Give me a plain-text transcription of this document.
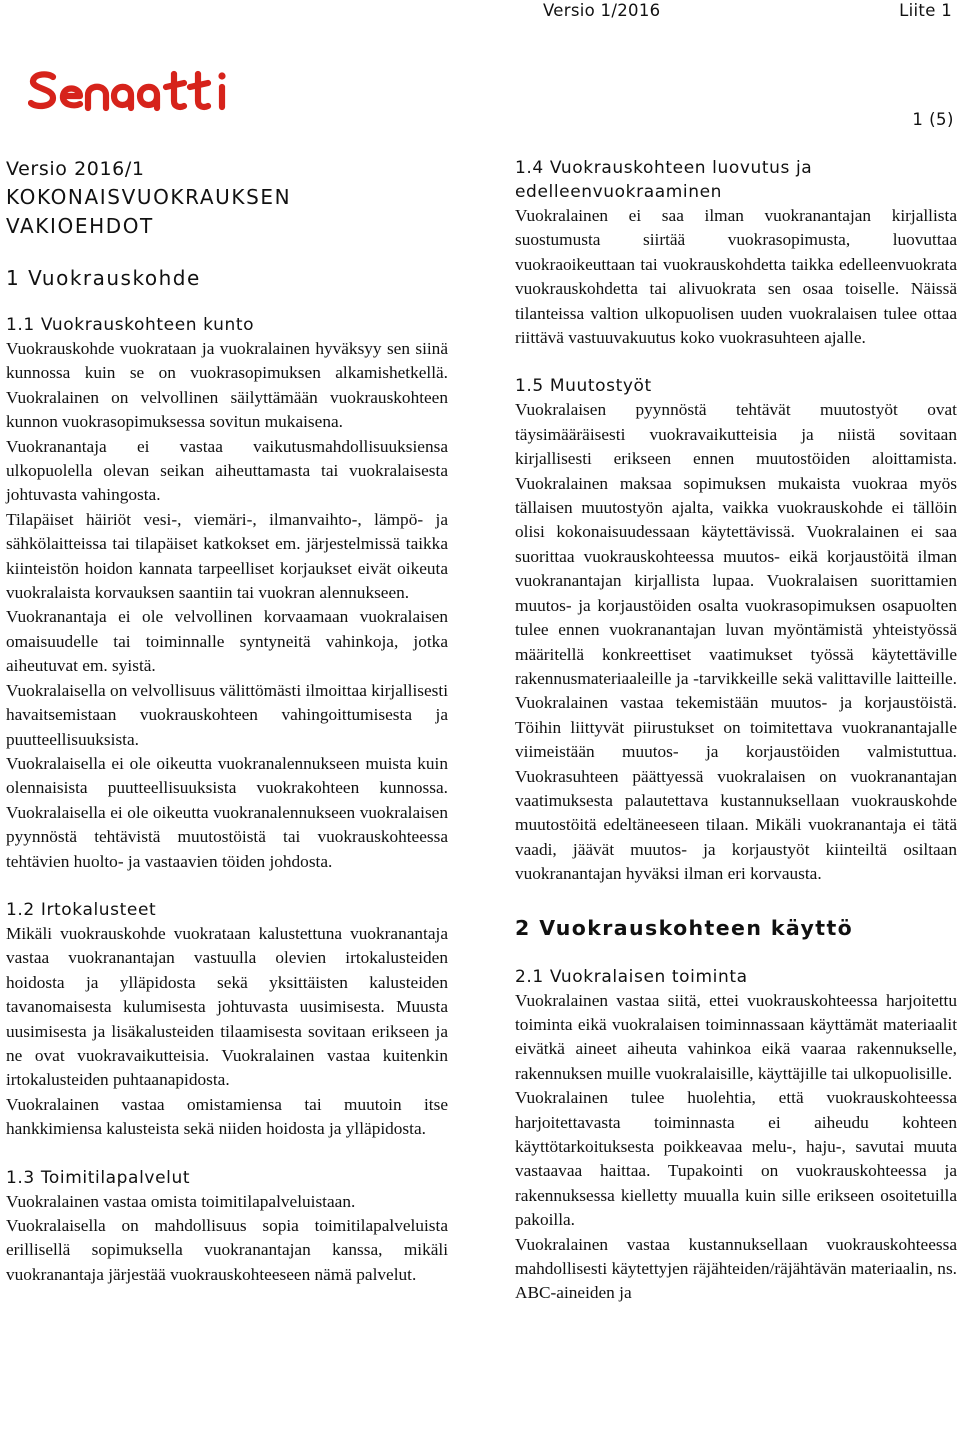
Versio 1/2016	Liite 1
1 (5)
Versio 2016/1
KOKONAISVUOKRAUKSEN
VAKIOEHDOT
1 Vuokrauskohde
1.1 Vuokrauskohteen kunto

Vuokrauskohde vuokrataan ja vuokralainen hyväksyy sen siinä kunnossa kuin se on vuokrasopimuksen alkamishetkellä. Vuokralainen on velvollinen säilyttämään vuokrauskohteen kunnon vuokrasopimuksessa sovitun mukaisena.

Vuokranantaja ei vastaa vaikutusmahdollisuuksiensa ulkopuolella olevan seikan aiheuttamasta tai vuokralaisesta johtuvasta vahingosta.

Tilapäiset häiriöt vesi-, viemäri-, ilmanvaihto-, lämpö- ja sähkölaitteissa tai tilapäiset katkokset em. järjestelmissä taikka kiinteistön hoidon kannata tarpeelliset korjaukset eivät oikeuta vuokralaista korvauksen saantiin tai vuokran alennukseen.

Vuokranantaja ei ole velvollinen korvaamaan vuokralaisen omaisuudelle tai toiminnalle syntyneitä vahinkoja, jotka aiheutuvat em. syistä.

Vuokralaisella on velvollisuus välittömästi ilmoittaa kirjallisesti havaitsemistaan vuokrauskohteen vahingoittumisesta ja puutteellisuuksista.

Vuokralaisella ei ole oikeutta vuokranalennukseen muista kuin olennaisista puutteellisuuksista vuokrakohteen kunnossa. Vuokralaisella ei ole oikeutta vuokranalennukseen vuokralaisen pyynnöstä tehtävistä muutostöistä tai vuokrauskohteessa tehtävien huolto- ja vastaavien töiden johdosta.

1.2 Irtokalusteet

Mikäli vuokrauskohde vuokrataan kalustettuna vuokranantaja vastaa vuokranantajan vastuulla olevien irtokalusteiden hoidosta ja ylläpidosta sekä yksittäisten kalusteiden tavanomaisesta kulumisesta johtuvasta uusimisesta. Muusta uusimisesta ja lisäkalusteiden tilaamisesta sovitaan erikseen ja ne ovat vuokravaikutteisia. Vuokralainen vastaa kuitenkin irtokalusteiden puhtaanapidosta.

Vuokralainen vastaa omistamiensa tai muutoin itse hankkimiensa kalusteista sekä niiden hoidosta ja ylläpidosta.

1.3 Toimitilapalvelut

Vuokralainen vastaa omista toimitilapalveluistaan.

Vuokralaisella on mahdollisuus sopia toimitilapalveluista erillisellä sopimuksella vuokranantajan kanssa, mikäli vuokranantaja järjestää vuokrauskohteeseen nämä palvelut.

1.4 Vuokrauskohteen luovutus ja
edelleenvuokraaminen

Vuokralainen ei saa ilman vuokranantajan kirjallista suostumusta siirtää vuokrasopimusta, luovuttaa vuokraoikeuttaan tai vuokrauskohdetta taikka edelleenvuokrata vuokrauskohdetta tai alivuokrata sen osaa toiselle. Näissä tilanteissa valtion ulkopuolisen uuden vuokralaisen tulee ottaa riittävä vastuuvakuutus koko vuokrasuhteen ajalle.

1.5 Muutostyöt

Vuokralaisen pyynnöstä tehtävät muutostyöt ovat täysimääräisesti vuokravaikutteisia ja niistä sovitaan kirjallisesti erikseen ennen muutostöiden aloittamista. Vuokralainen maksaa sopimuksen mukaista vuokraa myös tällaisen muutostyön ajalta, vaikka vuokrauskohde ei tällöin olisi kokonaisuudessaan käytettävissä. Vuokralainen ei saa suorittaa vuokrauskohteessa muutos- eikä korjaustöitä ilman vuokranantajan kirjallista lupaa. Vuokralaisen suorittamien muutos- ja korjaustöiden osalta vuokrasopimuksen osapuolten tulee ennen vuokranantajan luvan myöntämistä yhteistyössä määritellä konkreettiset vaatimukset työssä käytettäville rakennusmateriaaleille ja -tarvikkeille sekä valittaville laitteille. Vuokralainen vastaa tekemistään muutos- ja korjaustöistä. Töihin liittyvät piirustukset on toimitettava vuokranantajalle viimeistään muutos- ja korjaustöiden valmistuttua. Vuokrasuhteen päättyessä vuokralaisen on vuokranantajan vaatimuksesta palautettava kustannuksellaan vuokrauskohde muutostöitä edeltäneeseen tilaan. Mikäli vuokranantaja ei tätä vaadi, jäävät muutos- ja korjaustyöt kiinteiltä osiltaan vuokranantajan hyväksi ilman eri korvausta.

2 Vuokrauskohteen käyttö
2.1 Vuokralaisen toiminta

Vuokralainen vastaa siitä, ettei vuokrauskohteessa harjoitettu toiminta eikä vuokralaisen toiminnassaan käyttämät materiaalit eivätkä aineet aiheuta vahinkoa eikä vaaraa rakennukselle, rakennuksen muille vuokralaisille, käyttäjille tai ulkopuolisille.

Vuokralainen tulee huolehtia, että vuokrauskohteessa harjoitettavasta toiminnasta ei aiheudu kohteen käyttötarkoituksesta poikkeavaa melu-, haju-, savutai muuta vastaavaa haittaa. Tupakointi on vuokrauskohteessa ja rakennuksessa kielletty muualla kuin sille erikseen osoitetuilla pakoilla.

Vuokralainen vastaa kustannuksellaan vuokrauskohteessa mahdollisesti käytettyjen räjähteiden/räjähtävän materiaalin, ns. ABC-aineiden ja
